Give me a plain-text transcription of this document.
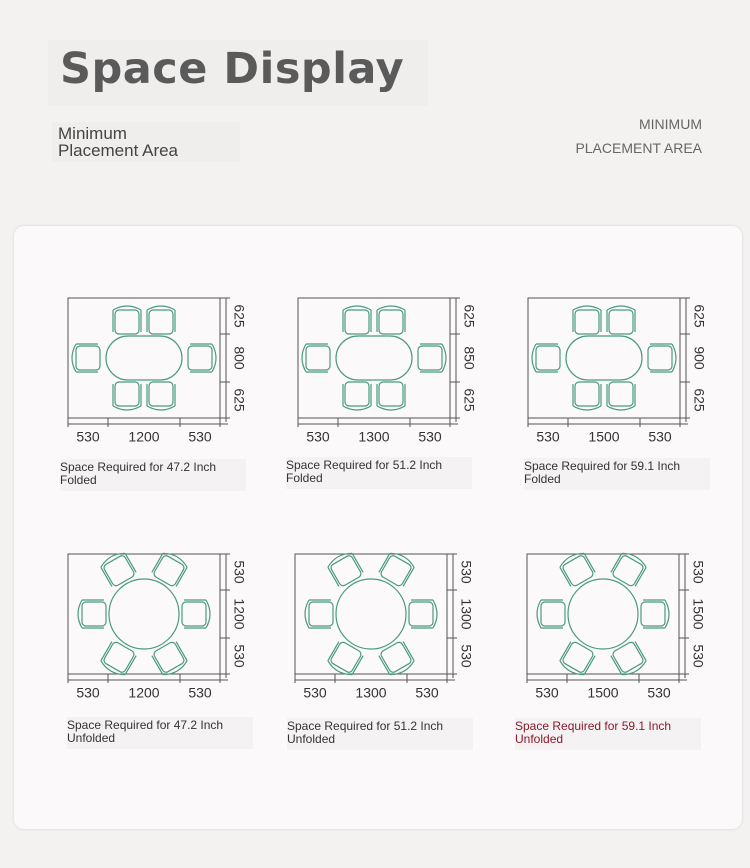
Space Display
Minimum
Placement Area
MINIMUM
PLACEMENT AREA
530 1200 530
625
800
625
530 1300 530
625
850
625
530 1500 530
625
900
625
530 1200 530
530
1200
530
530 1300 530
530
1300
530
530 1500 530
530
1500
530
Space Required for 47.2 Inch
Folded
Space Required for 51.2 Inch
Folded
Space Required for 59.1 Inch
Folded
Space Required for 47.2 Inch
Unfolded
Space Required for 51.2 Inch
Unfolded
Space Required for 59.1 Inch
Unfolded
